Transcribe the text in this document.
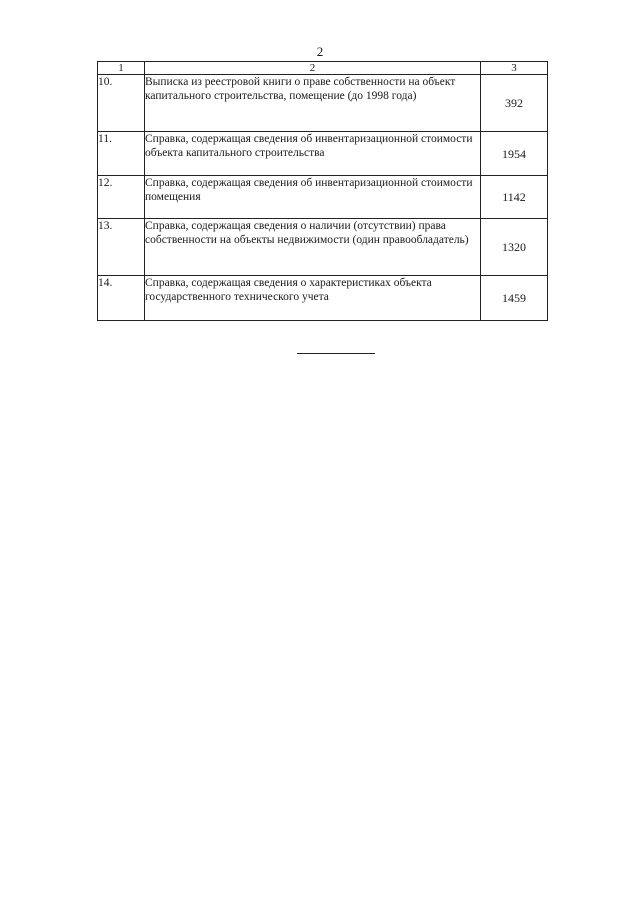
2
1	2	3
10.	Выписка из реестровой книги о праве собственности на объект капитального строительства, помещение (до 1998 года)	392
11.	Справка, содержащая сведения об инвентаризационной стоимости объекта капитального строительства	1954
12.	Справка, содержащая сведения об инвентаризационной стоимости помещения	1142
13.	Справка, содержащая сведения о наличии (отсутствии) права собственности на объекты недвижимости (один правообладатель)	1320
14.	Справка, содержащая сведения о характеристиках объекта государственного технического учета	1459
